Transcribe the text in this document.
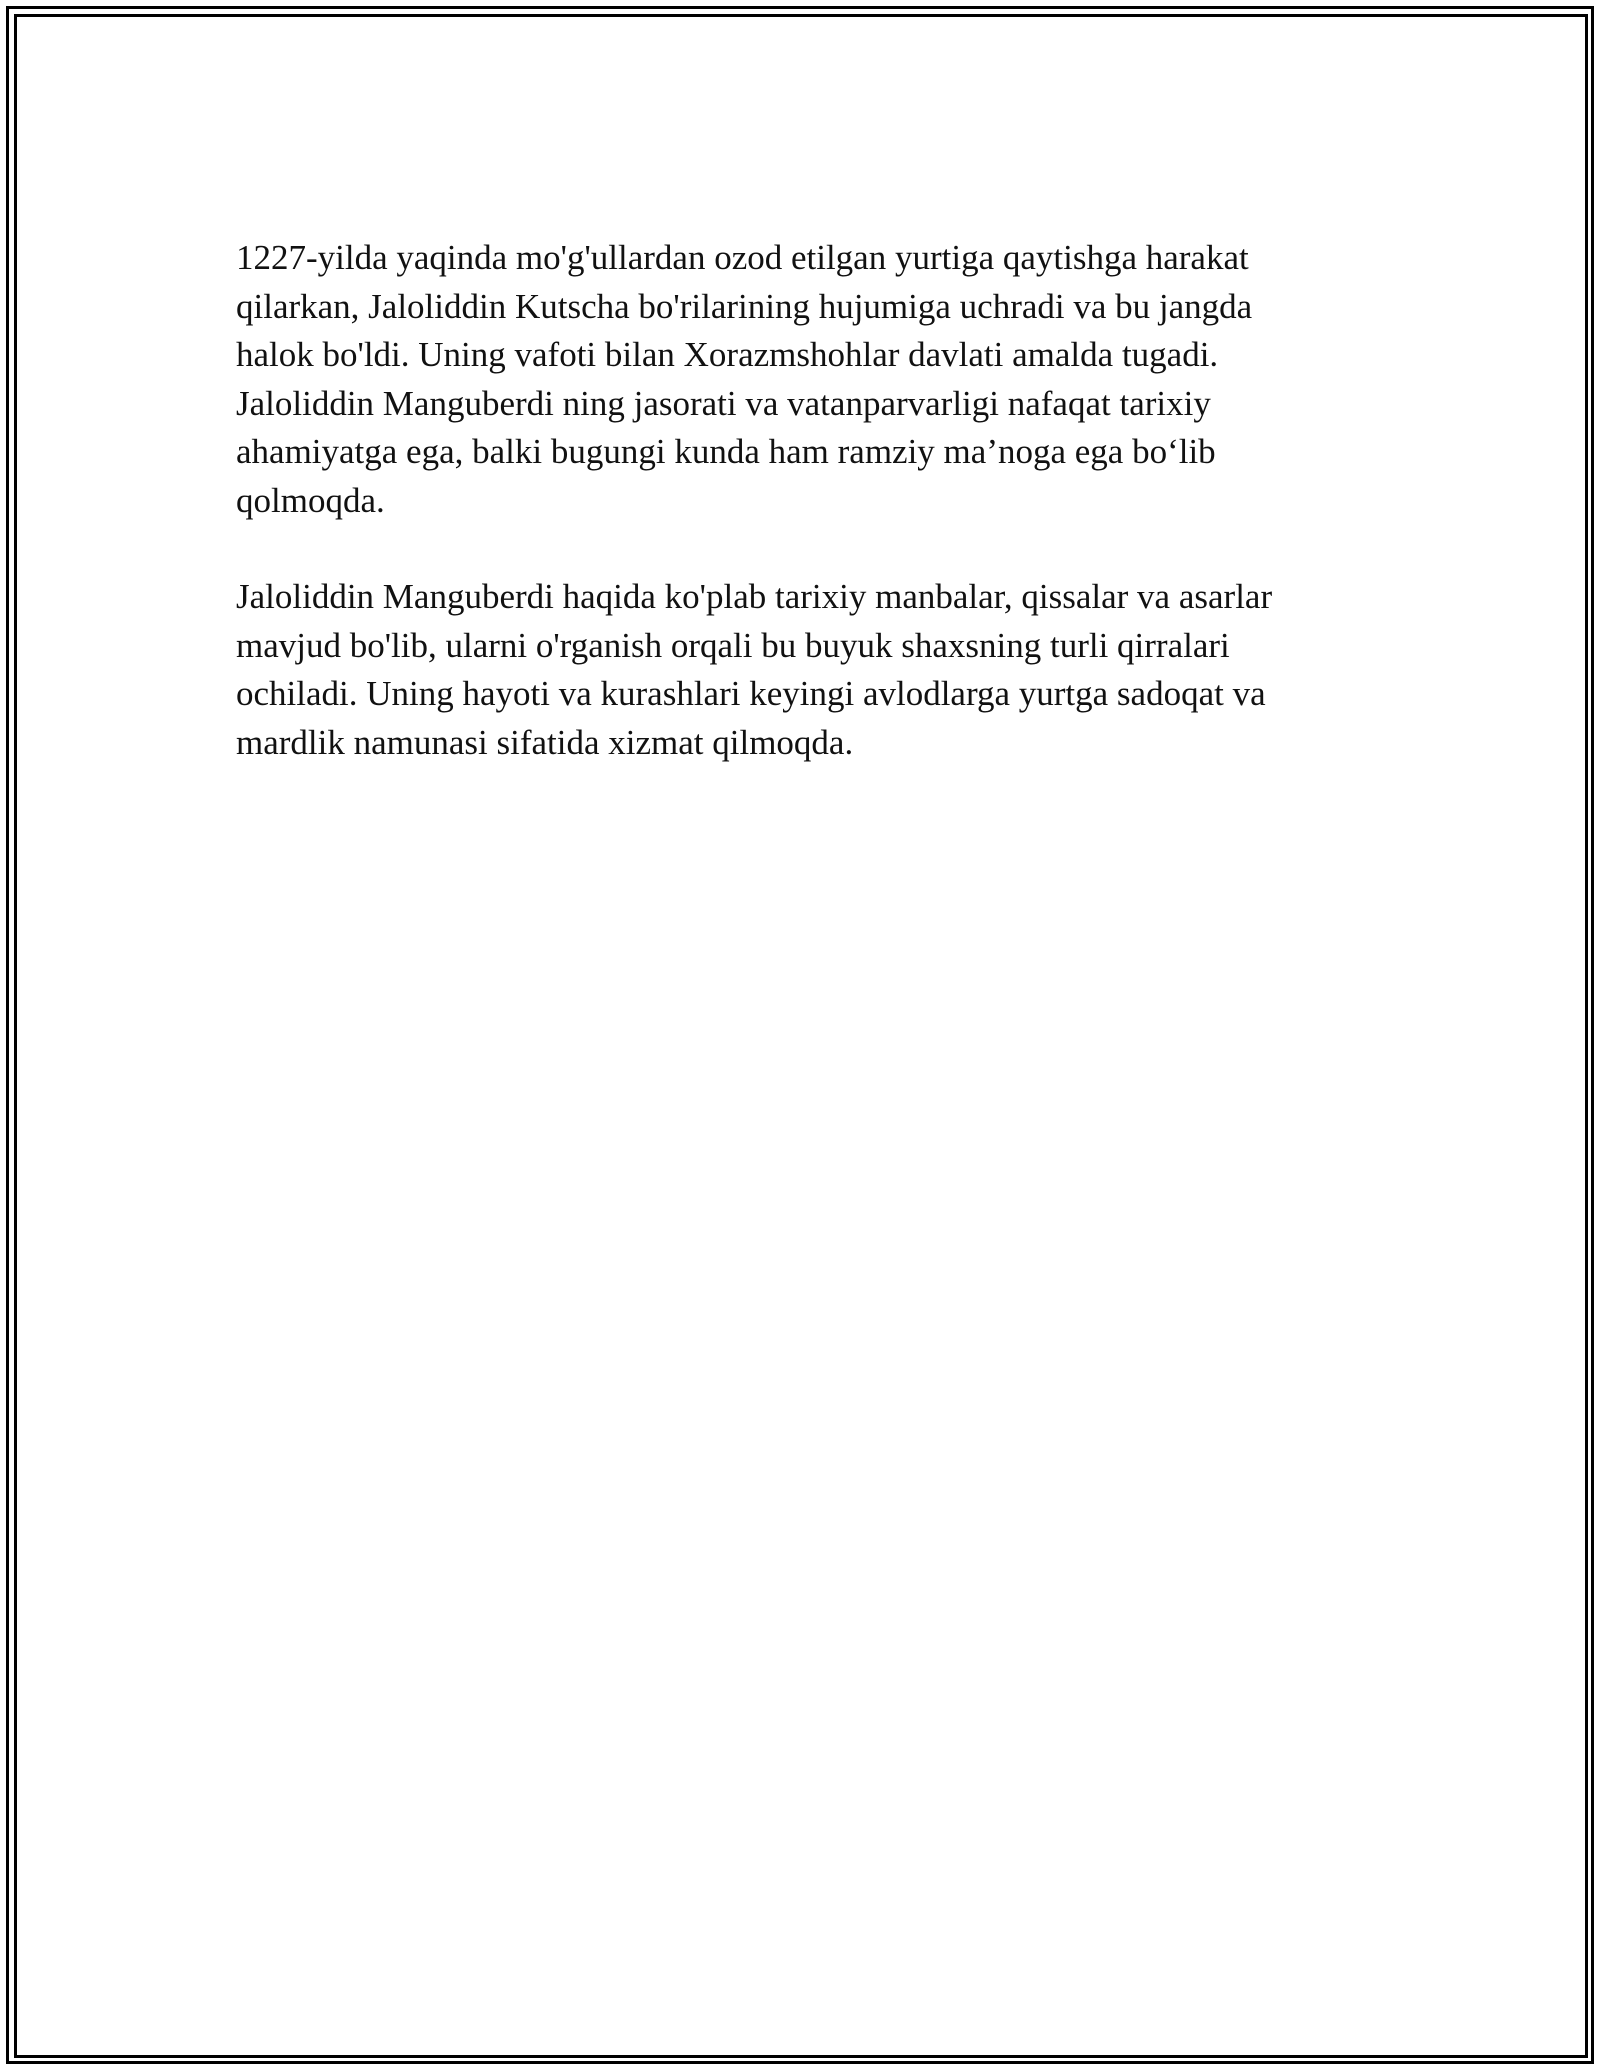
1227-yilda yaqinda mo'g'ullardan ozod etilgan yurtiga qaytishga harakat
qilarkan, Jaloliddin Kutscha bo'rilarining hujumiga uchradi va bu jangda
halok bo'ldi. Uning vafoti bilan Xorazmshohlar davlati amalda tugadi.
Jaloliddin Manguberdi ning jasorati va vatanparvarligi nafaqat tarixiy
ahamiyatga ega, balki bugungi kunda ham ramziy ma’noga ega bo‘lib
qolmoqda.

Jaloliddin Manguberdi haqida ko'plab tarixiy manbalar, qissalar va asarlar
mavjud bo'lib, ularni o'rganish orqali bu buyuk shaxsning turli qirralari
ochiladi. Uning hayoti va kurashlari keyingi avlodlarga yurtga sadoqat va
mardlik namunasi sifatida xizmat qilmoqda.
